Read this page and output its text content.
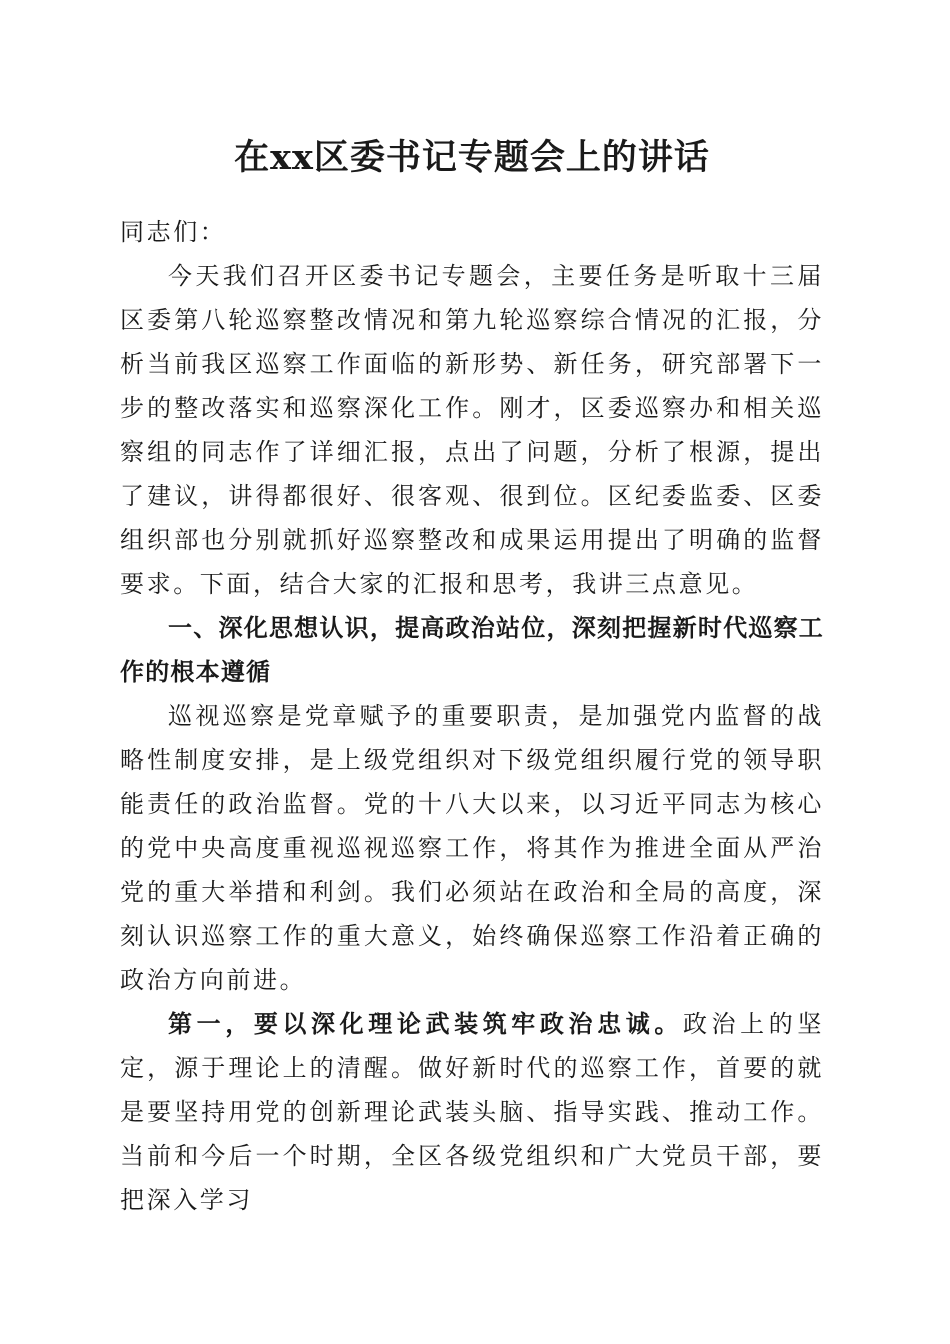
在xx区委书记专题会上的讲话

同志们：

今天我们召开区委书记专题会，主要任务是听取十三届区委第八轮巡察整改情况和第九轮巡察综合情况的汇报，分析当前我区巡察工作面临的新形势、新任务，研究部署下一步的整改落实和巡察深化工作。刚才，区委巡察办和相关巡察组的同志作了详细汇报，点出了问题，分析了根源，提出了建议，讲得都很好、很客观、很到位。区纪委监委、区委组织部也分别就抓好巡察整改和成果运用提出了明确的监督要求。下面，结合大家的汇报和思考，我讲三点意见。

一、深化思想认识，提高政治站位，深刻把握新时代巡察工作的根本遵循

巡视巡察是党章赋予的重要职责，是加强党内监督的战略性制度安排，是上级党组织对下级党组织履行党的领导职能责任的政治监督。党的十八大以来，以习近平同志为核心的党中央高度重视巡视巡察工作，将其作为推进全面从严治党的重大举措和利剑。我们必须站在政治和全局的高度，深刻认识巡察工作的重大意义，始终确保巡察工作沿着正确的政治方向前进。

第一，要以深化理论武装筑牢政治忠诚。政治上的坚定，源于理论上的清醒。做好新时代的巡察工作，首要的就是要坚持用党的创新理论武装头脑、指导实践、推动工作。当前和今后一个时期，全区各级党组织和广大党员干部，要把深入学习
